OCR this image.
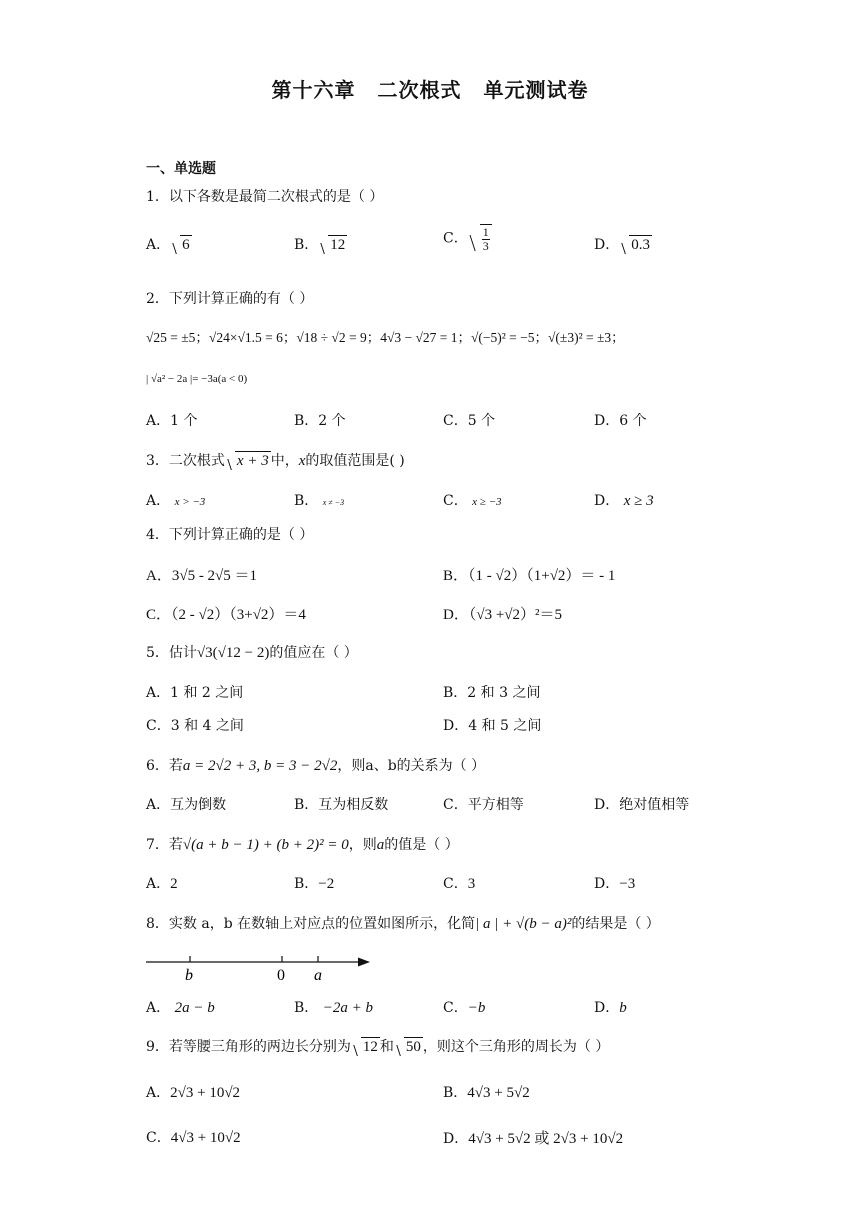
第十六章 二次根式 单元测试卷
一、单选题
1．以下各数是最简二次根式的是（ ）
A． 6	B． 12	C． $\frac{1}{3}$	D． 0.3
2．下列计算正确的有（ ）
√25 = ±5；√24×√1.5 = 6；√18 ÷ √2 = 9；4√3 − √27 = 1；√(−5)² = −5；√(±3)² = ±3；
| √a² − 2a |= −3a(a < 0)
A．1 个	B．2 个	C．5 个	D．6 个
3．二次根式 x + 3 中，x的取值范围是( )
A． x > −3	B． x ≠ −3	C． x ≥ −3	D． x ≥ 3
4．下列计算正确的是（ ）
A．3√5 - 2√5 ＝1	B．（1 - √2）（1+√2）＝ - 1
C．（2 - √2）（3+√2）＝4	D．（√3 +√2）²＝5
5．估计√3(√12 − 2)的值应在（ ）
A．1 和 2 之间	B．2 和 3 之间
C．3 和 4 之间	D．4 和 5 之间
6．若a = 2√2 + 3, b = 3 − 2√2，则a、b的关系为（ ）
A．互为倒数	B．互为相反数	C．平方相等	D．绝对值相等
7．若√(a + b − 1) + (b + 2)² = 0，则a的值是（ ）
A．2	B．−2	C．3	D．−3
8．实数 a，b 在数轴上对应点的位置如图所示，化简| a | + √(b − a)²的结果是（ ）
b	0 a
A． 2a − b	B． −2a + b	C．−b	D．b
9．若等腰三角形的两边长分别为 12 和 50 ，则这个三角形的周长为（ ）
A．2√3 + 10√2	B．4√3 + 5√2
C．4√3 + 10√2	D．4√3 + 5√2 或 2√3 + 10√2
